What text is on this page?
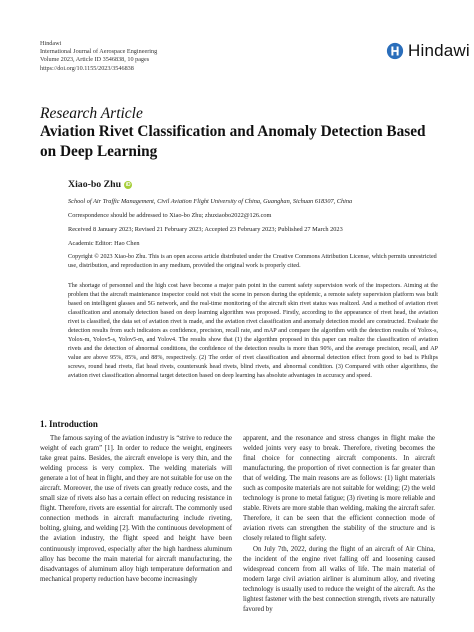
Hindawi
International Journal of Aerospace Engineering
Volume 2023, Article ID 3546838, 10 pages
https://doi.org/10.1155/2023/3546838
Hindawi
Research Article
Aviation Rivet Classification and Anomaly Detection Based on Deep Learning
Xiao-bo Zhu iD
School of Air Traffic Management, Civil Aviation Flight University of China, Guanghan, Sichuan 618307, China
Correspondence should be addressed to Xiao-bo Zhu; zhuxiaobo2022@126.com
Received 8 January 2023; Revised 21 February 2023; Accepted 23 February 2023; Published 27 March 2023
Academic Editor: Hao Chen
Copyright © 2023 Xiao-bo Zhu. This is an open access article distributed under the Creative Commons Attribution License, which permits unrestricted use, distribution, and reproduction in any medium, provided the original work is properly cited.
The shortage of personnel and the high cost have become a major pain point in the current safety supervision work of the inspectors. Aiming at the problem that the aircraft maintenance inspector could not visit the scene in person during the epidemic, a remote safety supervision platform was built based on intelligent glasses and 5G network, and the real-time monitoring of the aircraft skin rivet status was realized. And a method of aviation rivet classification and anomaly detection based on deep learning algorithm was proposed. Firstly, according to the appearance of rivet head, the aviation rivet is classified, the data set of aviation rivet is made, and the aviation rivet classification and anomaly detection model are constructed. Evaluate the detection results from such indicators as confidence, precision, recall rate, and mAP and compare the algorithm with the detection results of Yolox-s, Yolox-m, Yolov5-s, Yolov5-m, and Yolov4. The results show that (1) the algorithm proposed in this paper can realize the classification of aviation rivets and the detection of abnormal conditions, the confidence of the detection results is more than 90%, and the average precision, recall, and AP value are above 95%, 85%, and 88%, respectively. (2) The order of rivet classification and abnormal detection effect from good to bad is Philips screws, round head rivets, flat head rivets, countersunk head rivets, blind rivets, and abnormal condition. (3) Compared with other algorithms, the aviation rivet classification abnormal target detection based on deep learning has absolute advantages in accuracy and speed.
1. Introduction

The famous saying of the aviation industry is “strive to reduce the weight of each gram” [1]. In order to reduce the weight, engineers take great pains. Besides, the aircraft envelope is very thin, and the welding process is very complex. The welding materials will generate a lot of heat in flight, and they are not suitable for use on the aircraft. Moreover, the use of rivets can greatly reduce costs, and the small size of rivets also has a certain effect on reducing resistance in flight. Therefore, rivets are essential for aircraft. The commonly used connection methods in aircraft manufacturing include riveting, bolting, gluing, and welding [2]. With the continuous development of the aviation industry, the flight speed and height have been continuously improved, especially after the high hardness aluminum alloy has become the main material for aircraft manufacturing, the disadvantages of aluminum alloy high temperature deformation and mechanical property reduction have become increasingly

apparent, and the resonance and stress changes in flight make the welded joints very easy to break. Therefore, riveting becomes the final choice for connecting aircraft components. In aircraft manufacturing, the proportion of rivet connection is far greater than that of welding. The main reasons are as follows: (1) light materials such as composite materials are not suitable for welding; (2) the weld technology is prone to metal fatigue; (3) riveting is more reliable and stable. Rivets are more stable than welding, making the aircraft safer. Therefore, it can be seen that the efficient connection mode of aviation rivets can strengthen the stability of the structure and is closely related to flight safety.

On July 7th, 2022, during the flight of an aircraft of Air China, the incident of the engine rivet falling off and loosening caused widespread concern from all walks of life. The main material of modern large civil aviation airliner is aluminum alloy, and riveting technology is usually used to reduce the weight of the aircraft. As the lightest fastener with the best connection strength, rivets are naturally favored by
